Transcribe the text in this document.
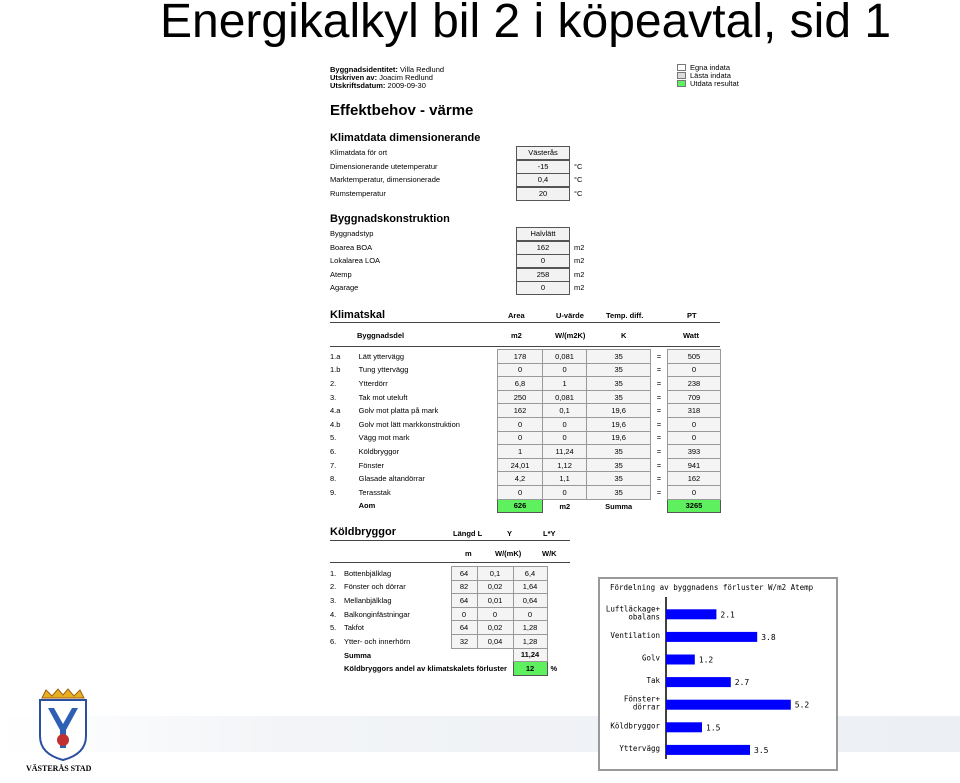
Energikalkyl bil 2 i köpeavtal, sid 1
Byggnadsidentitet: Villa Redlund
Utskriven av: Joacim Redlund
Utskriftsdatum: 2009-09-30
Egna indata
Lästa indata
Utdata resultat
Effektbehov - värme
Klimatdata dimensionerande
Klimatdata för ort	Västerås
Dimensionerande utetemperatur	-15	°C
Marktemperatur, dimensionerade	0,4	°C
Rumstemperatur	20	°C
Byggnadskonstruktion
Byggnadstyp	Halvlätt
Boarea BOA	162	m2
Lokalarea LOA	0	m2
Atemp	258	m2
Agarage	0	m2
Klimatskal	Area	U-värde	Temp. diff.	PT
Byggnadsdel	m2	W/(m2K)	K	Watt
1.a	Lätt yttervägg	178	0,081	35	=	505
1.b	Tung yttervägg	0	0	35	=	0
2.	Ytterdörr	6,8	1	35	=	238
3.	Tak mot uteluft	250	0,081	35	=	709
4.a	Golv mot platta på mark	162	0,1	19,6	=	318
4.b	Golv mot lätt markkonstruktion	0	0	19,6	=	0
5.	Vägg mot mark	0	0	19,6	=	0
6.	Köldbryggor	1	11,24	35	=	393
7.	Fönster	24,01	1,12	35	=	941
8.	Glasade altandörrar	4,2	1,1	35	=	162
9.	Terasstak	0	0	35	=	0
	Aom	626	m2	Summa		3265
Köldbryggor	Längd L	Y	L*Y
m	W/(mK)	W/K
1.	Bottenbjälklag	64	0,1	6,4	
2.	Fönster och dörrar	82	0,02	1,64	
3.	Mellanbjälklag	64	0,01	0,64	
4.	Balkonginfästningar	0	0	0	
5.	Takfot	64	0,02	1,28	
6.	Ytter- och innerhörn	32	0,04	1,28	
	Summa			11,24	
	Köldbryggors andel av klimatskalets förluster			12	%
Fördelning av byggnadens förluster W/m2 Atemp
Luftläckage+
obalans	2.1
Ventilation	3.8
Golv	1.2
Tak	2.7
Fönster+
dörrar	5.2
Köldbryggor	1.5
Yttervägg	3.5
VÄSTERÅS STAD
